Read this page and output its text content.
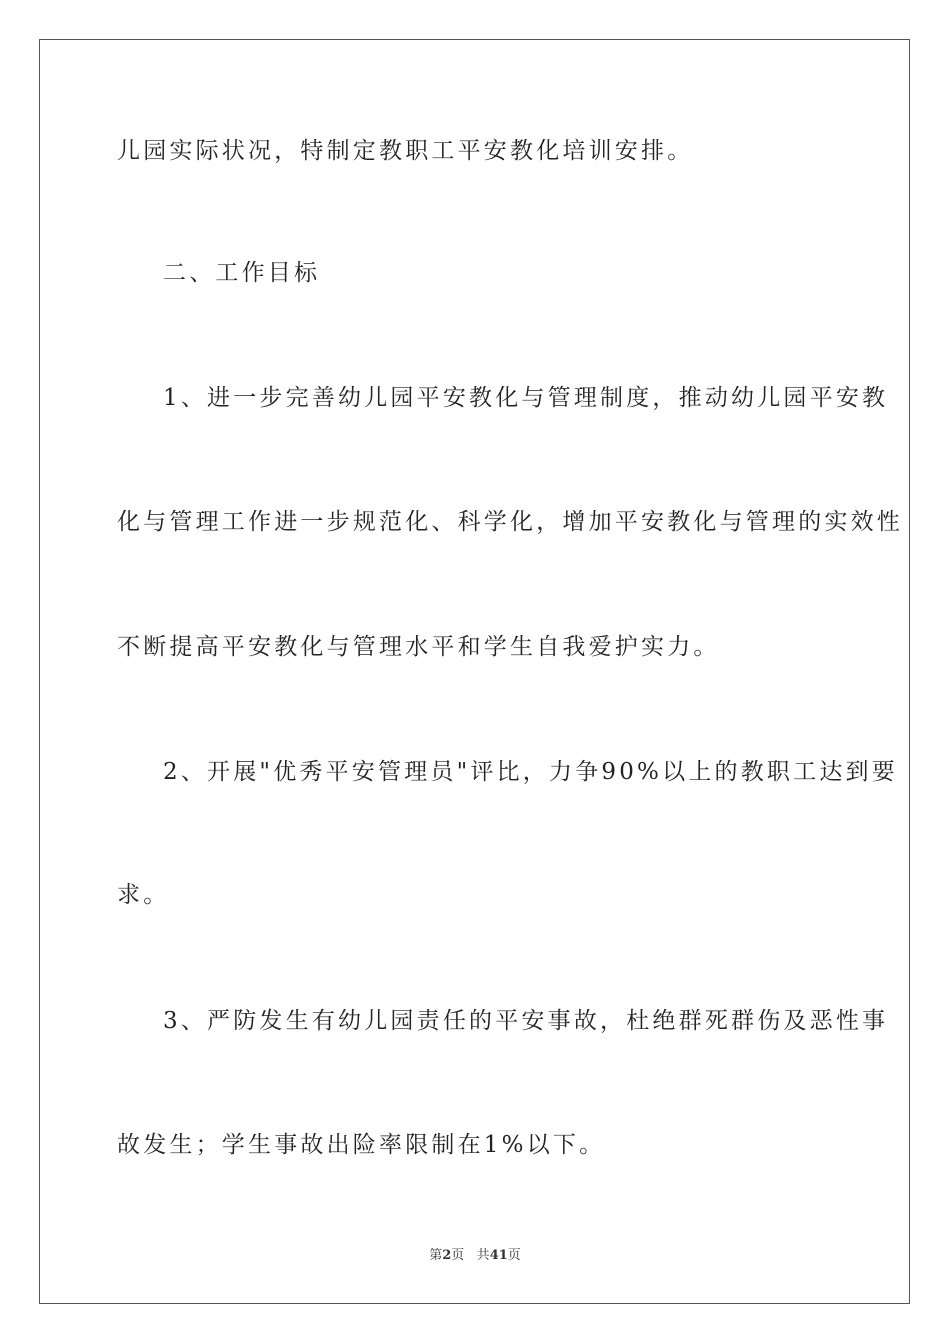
儿园实际状况，特制定教职工平安教化培训安排。
二、工作目标
1、进一步完善幼儿园平安教化与管理制度，推动幼儿园平安教
化与管理工作进一步规范化、科学化，增加平安教化与管理的实效性
不断提高平安教化与管理水平和学生自我爱护实力。
2、开展"优秀平安管理员"评比，力争90%以上的教职工达到要
求。
3、严防发生有幼儿园责任的平安事故，杜绝群死群伤及恶性事
故发生；学生事故出险率限制在1%以下。
第2页 共41页
